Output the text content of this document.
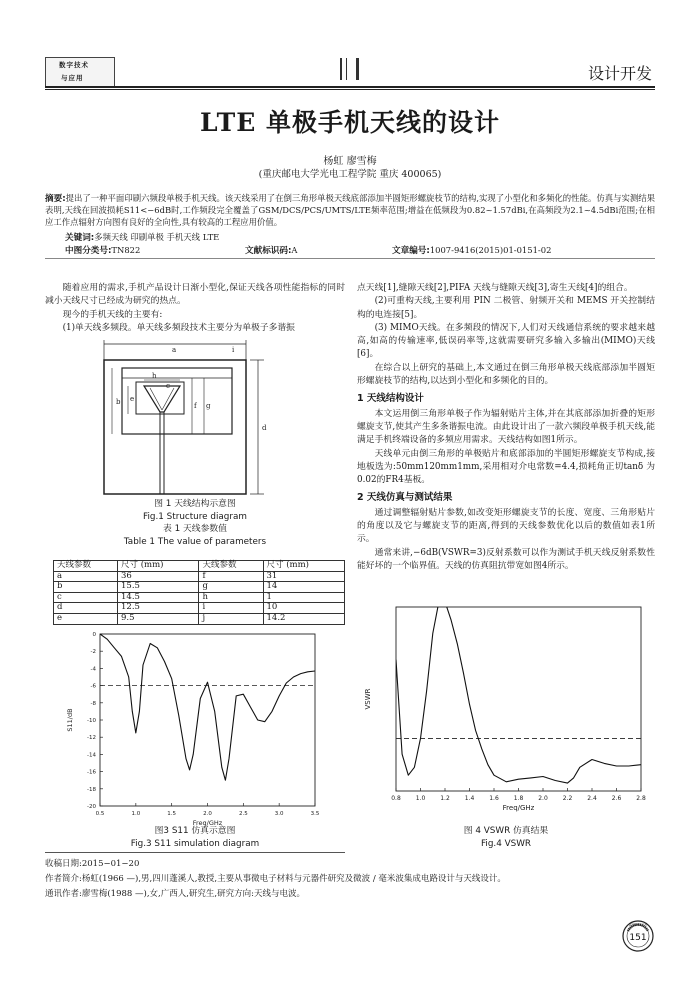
数字技术
与应用	设计开发
LTE 单极手机天线的设计
杨虹 廖雪梅
(重庆邮电大学光电工程学院 重庆 400065)
摘要:提出了一种平面印刷六频段单极手机天线。该天线采用了在倒三角形单极天线底部添加半圆矩形螺旋枝节的结构,实现了小型化和多频化的性能。仿真与实测结果表明,天线在回波损耗S11<−6dB时,工作频段完全覆盖了GSM/DCS/PCS/UMTS/LTE频率范围;增益在低频段为0.82~1.57dBi,在高频段为2.1~4.5dBi范围;在相应工作点辐射方向图有良好的全向性,具有较高的工程应用价值。
关键词:多频天线 印刷单极 手机天线 LTE
中图分类号:TN822	文献标识码:A	文章编号:1007-9416(2015)01-0151-02

随着应用的需求,手机产品设计日渐小型化,保证天线各项性能指标的同时减小天线尺寸已经成为研究的热点。

现今的手机天线的主要有:

(1)单天线多频段。单天线多频段技术主要分为单极子多谐振

a
b
c
d
e
f g
h
i
图 1 天线结构示意图
Fig.1 Structure diagram
表 1 天线参数值
Table 1 The value of parameters
天线参数	尺寸 (mm)	天线参数	尺寸 (mm)
a	36	f	31
b	15.5	g	14
c	14.5	h	1
d	12.5	i	10
e	9.5	j	14.2
0.5	1.0	1.5	2.0	2.5	3.0	3.5
0
-2
-4
-6
-8
-10
-12
-14
-16
-18
-20
Freq/GHz
S11/dB
图3 S11 仿真示意图
Fig.3 S11 simulation diagram

点天线[1],缝隙天线[2],PIFA 天线与缝隙天线[3],寄生天线[4]的组合。

(2)可重构天线,主要利用 PIN 二极管、射频开关和 MEMS 开关控制结构的电连接[5]。

(3) MIMO天线。在多频段的情况下,人们对天线通信系统的要求越来越高,如高的传输速率,低误码率等,这就需要研究多输入多输出(MIMO)天线[6]。

在综合以上研究的基础上,本文通过在倒三角形单极天线底部添加半圆矩形螺旋枝节的结构,以达到小型化和多频化的目的。

1 天线结构设计

本文运用倒三角形单极子作为辐射贴片主体,并在其底部添加折叠的矩形螺旋支节,使其产生多条谐振电流。由此设计出了一款六频段单极手机天线,能满足手机终端设备的多频应用需求。天线结构如图1所示。

天线单元由倒三角形的单极贴片和底部添加的半圆矩形螺旋支节构成,接地板选为:50mm120mm1mm,采用相对介电常数=4.4,损耗角正切tanδ 为0.02的FR4基板。

2 天线仿真与测试结果

通过调整辐射贴片参数,如改变矩形螺旋支节的长度、宽度、三角形贴片的角度以及它与螺旋支节的距离,得到的天线参数优化以后的数值如表1所示。

通常来讲,−6dB(VSWR=3)反射系数可以作为测试手机天线反射系数性能好坏的一个临界值。天线的仿真阻抗带宽如图4所示。

0.8 1.0 1.2 1.4 1.6 1.8 2.0 2.2 2.4 2.6 2.8
Freq/GHz
VSWR
图 4 VSWR 仿真结果
Fig.4 VSWR
收稿日期:2015−01−20
作者简介:杨虹(1966 —),男,四川蓬溪人,教授,主要从事微电子材料与元器件研究及微波 / 毫米波集成电路设计与天线设计。
通讯作者:廖雪梅(1988 —),女,广西人,研究生,研究方向:天线与电波。
数字技术与应用
151
